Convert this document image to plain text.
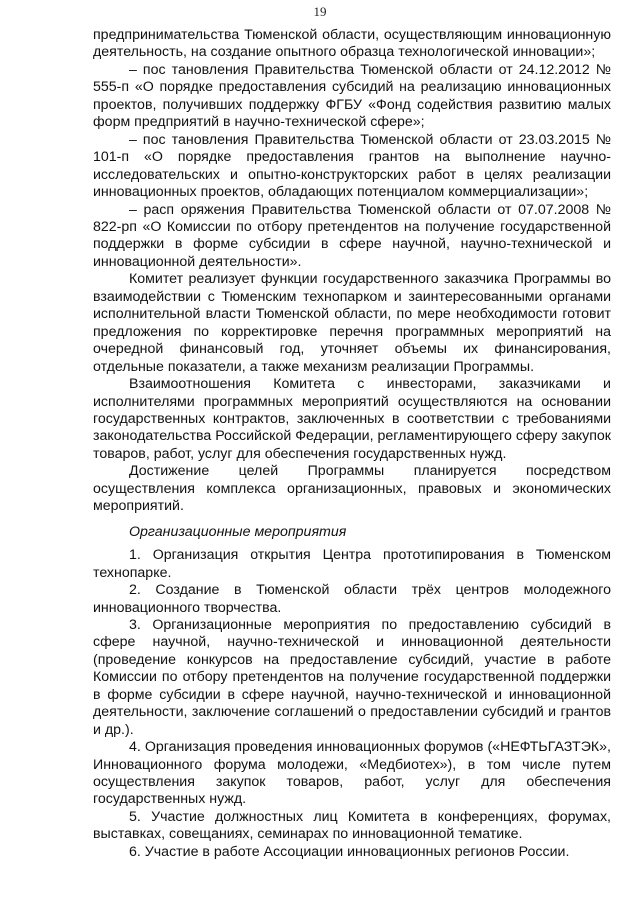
19

предпринимательства Тюменской области, осуществляющим инновационную деятельность, на создание опытного образца технологической инновации»;

– пос тановления Правительства Тюменской области от 24.12.2012 № 555-п «О порядке предоставления субсидий на реализацию инновационных проектов, получивших поддержку ФГБУ «Фонд содействия развитию малых форм предприятий в научно-технической сфере»;

– пос тановления Правительства Тюменской области от 23.03.2015 № 101-п «О порядке предоставления грантов на выполнение научно-исследовательских и опытно-конструкторских работ в целях реализации инновационных проектов, обладающих потенциалом коммерциализации»;

– расп оряжения Правительства Тюменской области от 07.07.2008 № 822-рп «О Комиссии по отбору претендентов на получение государственной поддержки в форме субсидии в сфере научной, научно-технической и инновационной деятельности».

Комитет реализует функции государственного заказчика Программы во взаимодействии с Тюменским технопарком и заинтересованными органами исполнительной власти Тюменской области, по мере необходимости готовит предложения по корректировке перечня программных мероприятий на очередной финансовый год, уточняет объемы их финансирования, отдельные показатели, а также механизм реализации Программы.

Взаимоотношения Комитета с инвесторами, заказчиками и исполнителями программных мероприятий осуществляются на основании государственных контрактов, заключенных в соответствии с требованиями законодательства Российской Федерации, регламентирующего сферу закупок товаров, работ, услуг для обеспечения государственных нужд.

Достижение целей Программы планируется посредством осуществления комплекса организационных, правовых и экономических мероприятий.

Организационные мероприятия

1. Организация открытия Центра прототипирования в Тюменском технопарке.

2. Создание в Тюменской области трёх центров молодежного инновационного творчества.

3. Организационные мероприятия по предоставлению субсидий в сфере научной, научно-технической и инновационной деятельности (проведение конкурсов на предоставление субсидий, участие в работе Комиссии по отбору претендентов на получение государственной поддержки в форме субсидии в сфере научной, научно-технической и инновационной деятельности, заключение соглашений о предоставлении субсидий и грантов и др.).

4. Организация проведения инновационных форумов («НЕФТЬГАЗТЭК», Инновационного форума молодежи, «Медбиотех»), в том числе путем осуществления закупок товаров, работ, услуг для обеспечения государственных нужд.

5. Участие должностных лиц Комитета в конференциях, форумах, выставках, совещаниях, семинарах по инновационной тематике.

6. Участие в работе Ассоциации инновационных регионов России.
